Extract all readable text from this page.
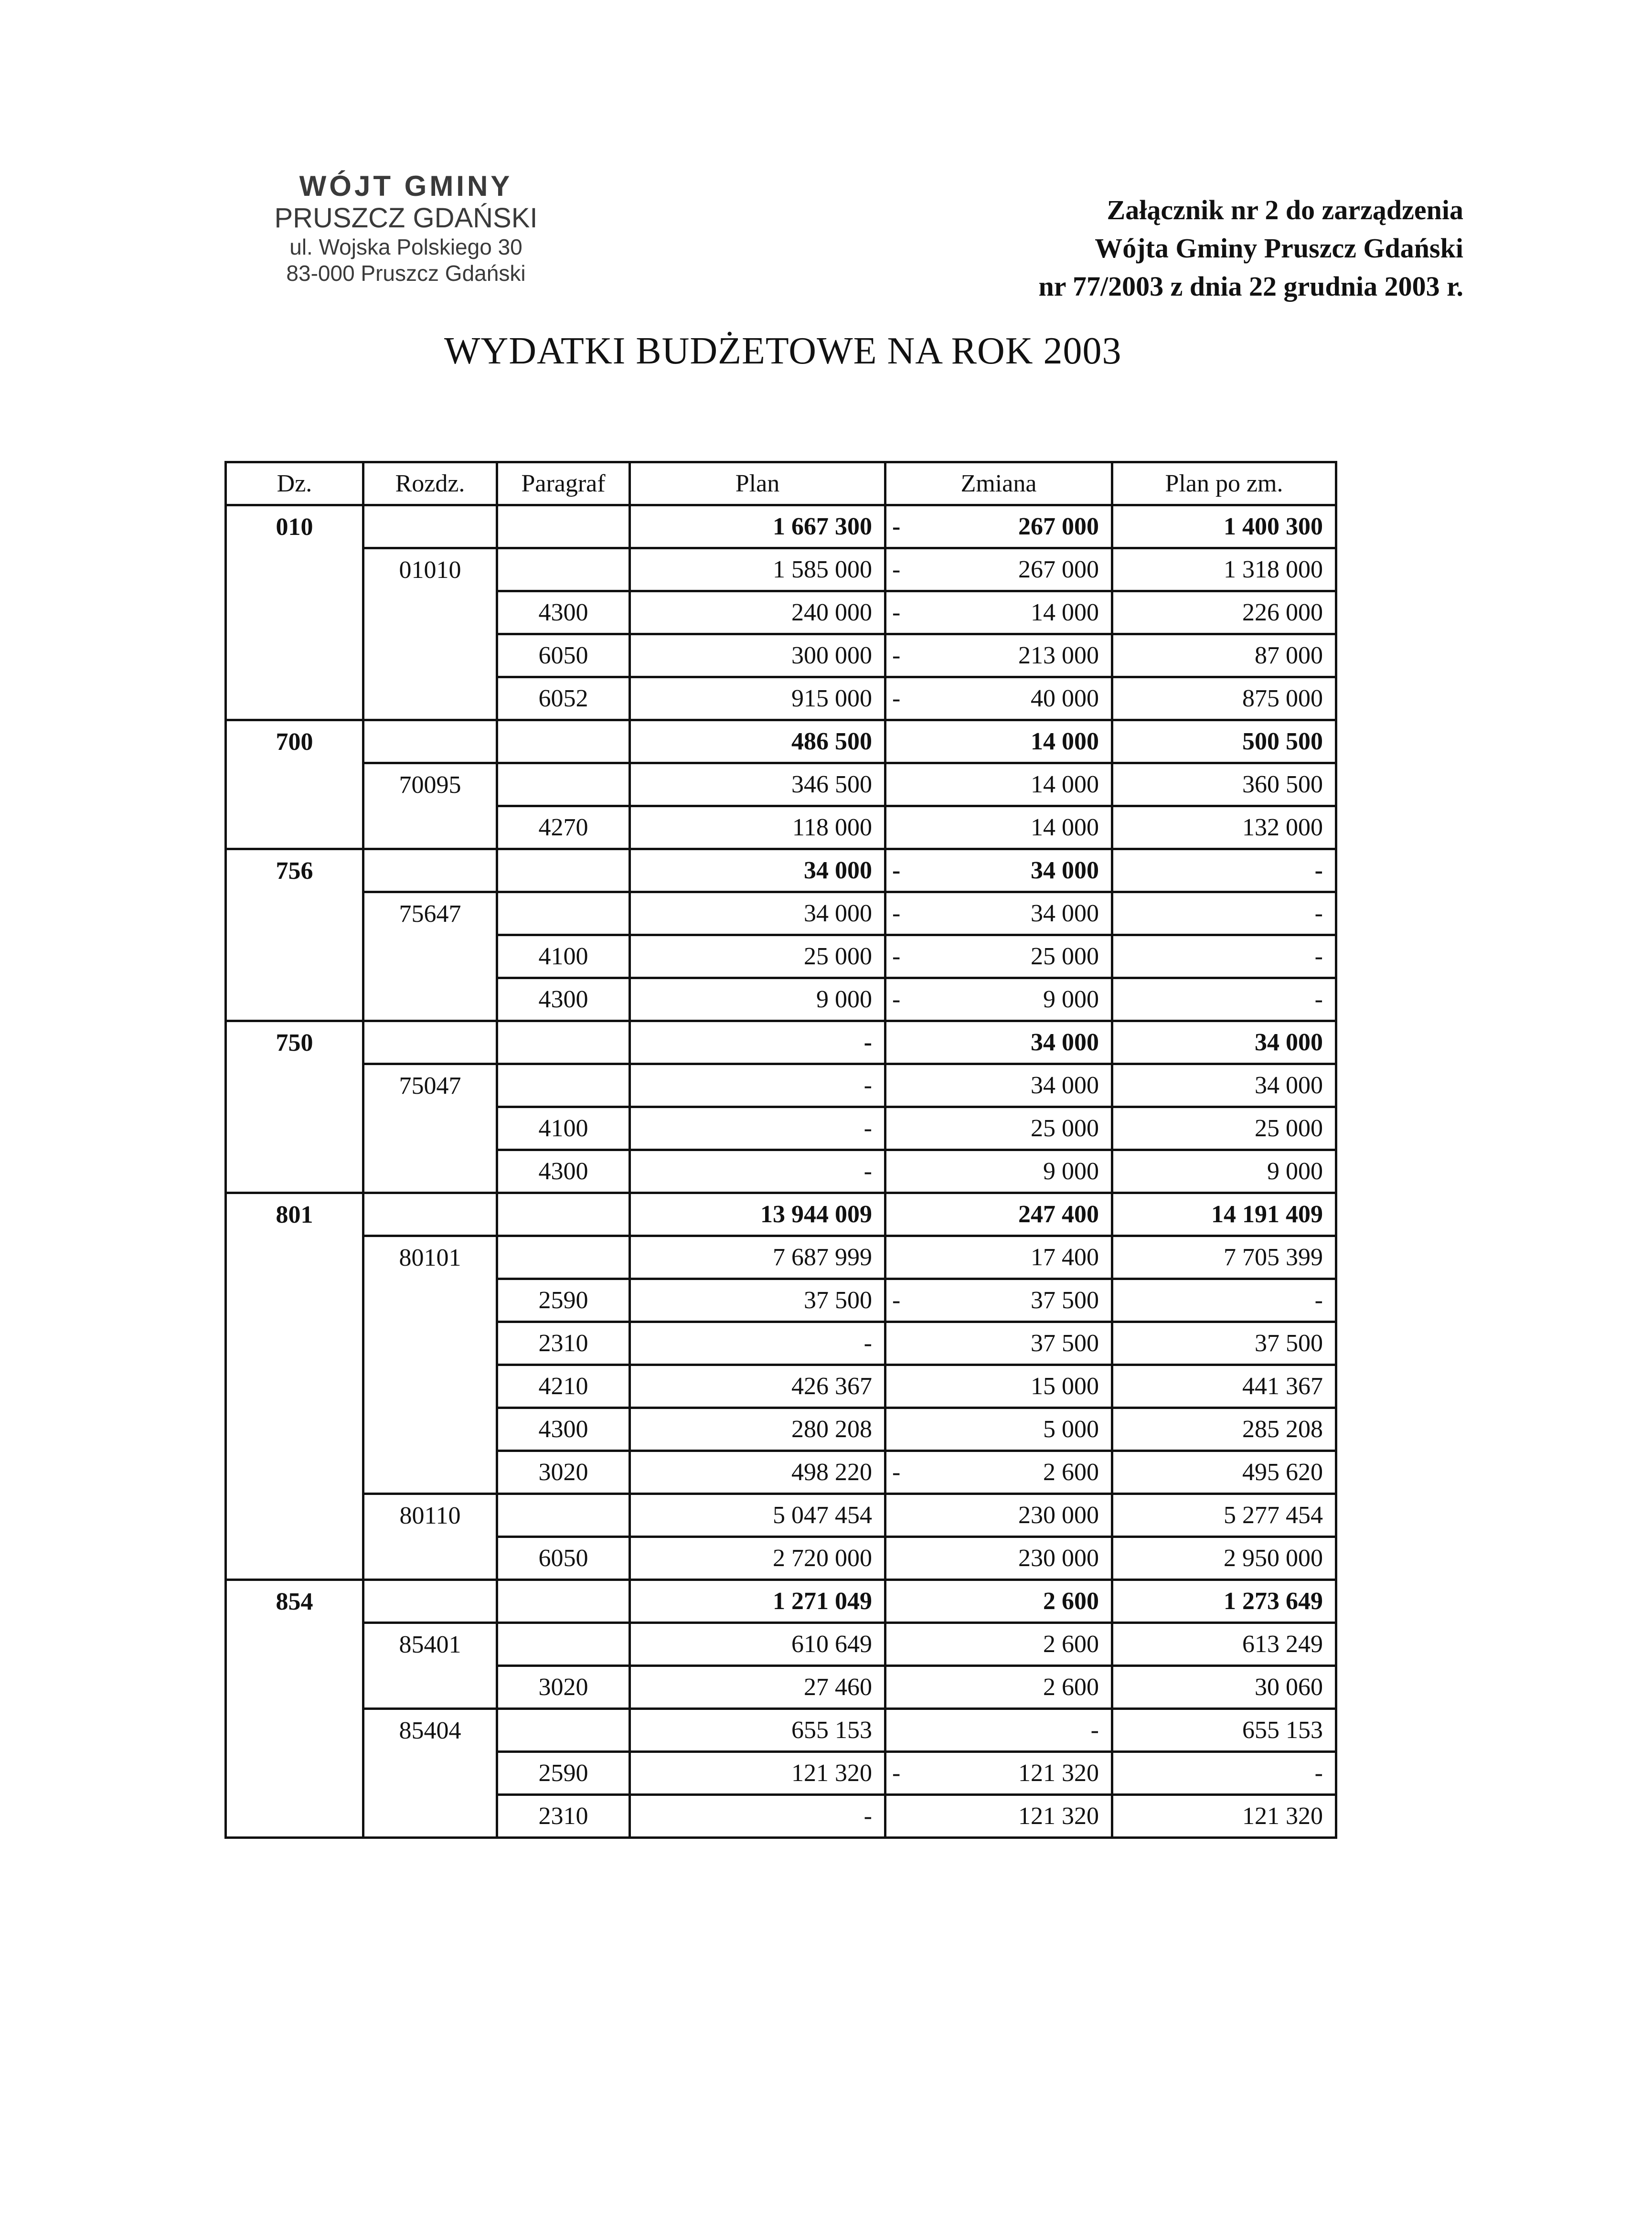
WÓJT GMINY
PRUSZCZ GDAŃSKI
ul. Wojska Polskiego 30
83-000 Pruszcz Gdański
Załącznik nr 2 do zarządzenia
Wójta Gminy Pruszcz Gdański
nr 77/2003 z dnia 22 grudnia 2003 r.
WYDATKI BUDŻETOWE NA ROK 2003
Dz.	Rozdz.	Paragraf	Plan	Zmiana	Plan po zm.
010			1 667 300	- 267 000	1 400 300
	01010		1 585 000	- 267 000	1 318 000
		4300	240 000	- 14 000	226 000
		6050	300 000	- 213 000	87 000
		6052	915 000	- 40 000	875 000
700			486 500	14 000	500 500
	70095		346 500	14 000	360 500
		4270	118 000	14 000	132 000
756			34 000	- 34 000	-
	75647		34 000	- 34 000	-
		4100	25 000	- 25 000	-
		4300	9 000	- 9 000	-
750			-	34 000	34 000
	75047		-	34 000	34 000
		4100	-	25 000	25 000
		4300	-	9 000	9 000
801			13 944 009	247 400	14 191 409
	80101		7 687 999	17 400	7 705 399
		2590	37 500	- 37 500	-
		2310	-	37 500	37 500
		4210	426 367	15 000	441 367
		4300	280 208	5 000	285 208
		3020	498 220	- 2 600	495 620
	80110		5 047 454	230 000	5 277 454
		6050	2 720 000	230 000	2 950 000
854			1 271 049	2 600	1 273 649
	85401		610 649	2 600	613 249
		3020	27 460	2 600	30 060
	85404		655 153	-	655 153
		2590	121 320	- 121 320	-
		2310	-	121 320	121 320
